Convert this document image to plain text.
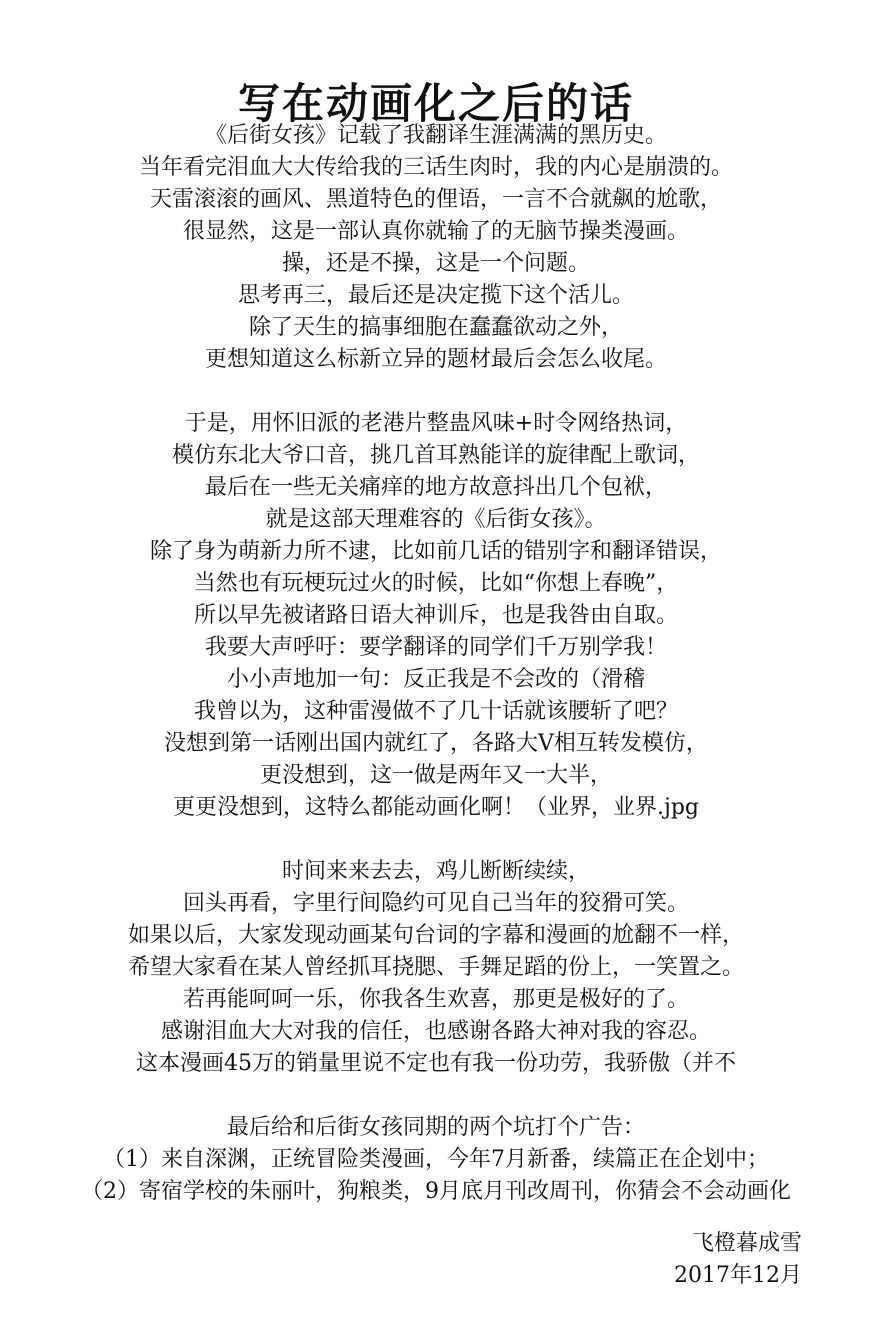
写在动画化之后的话
《后街女孩》记载了我翻译生涯满满的黑历史。
当年看完泪血大大传给我的三话生肉时，我的内心是崩溃的。
天雷滚滚的画风、黑道特色的俚语，一言不合就飙的尬歌，
很显然，这是一部认真你就输了的无脑节操类漫画。
操，还是不操，这是一个问题。
思考再三，最后还是决定揽下这个活儿。
除了天生的搞事细胞在蠢蠢欲动之外，
更想知道这么标新立异的题材最后会怎么收尾。
于是，用怀旧派的老港片整蛊风味+时令网络热词，
模仿东北大爷口音，挑几首耳熟能详的旋律配上歌词，
最后在一些无关痛痒的地方故意抖出几个包袱，
就是这部天理难容的《后街女孩》。
除了身为萌新力所不逮，比如前几话的错别字和翻译错误，
当然也有玩梗玩过火的时候，比如“你想上春晚”，
所以早先被诸路日语大神训斥，也是我咎由自取。
我要大声呼吁：要学翻译的同学们千万别学我！
小小声地加一句：反正我是不会改的（滑稽
我曾以为，这种雷漫做不了几十话就该腰斩了吧？
没想到第一话刚出国内就红了，各路大V相互转发模仿，
更没想到，这一做是两年又一大半，
更更没想到，这特么都能动画化啊！（业界，业界.jpg
时间来来去去，鸡儿断断续续，
回头再看，字里行间隐约可见自己当年的狡猾可笑。
如果以后，大家发现动画某句台词的字幕和漫画的尬翻不一样，
希望大家看在某人曾经抓耳挠腮、手舞足蹈的份上，一笑置之。
若再能呵呵一乐，你我各生欢喜，那更是极好的了。
感谢泪血大大对我的信任，也感谢各路大神对我的容忍。
这本漫画45万的销量里说不定也有我一份功劳，我骄傲（并不
最后给和后街女孩同期的两个坑打个广告：
（1）来自深渊，正统冒险类漫画，今年7月新番，续篇正在企划中；
（2）寄宿学校的朱丽叶，狗粮类，9月底月刊改周刊，你猜会不会动画化
飞橙暮成雪
2017年12月
